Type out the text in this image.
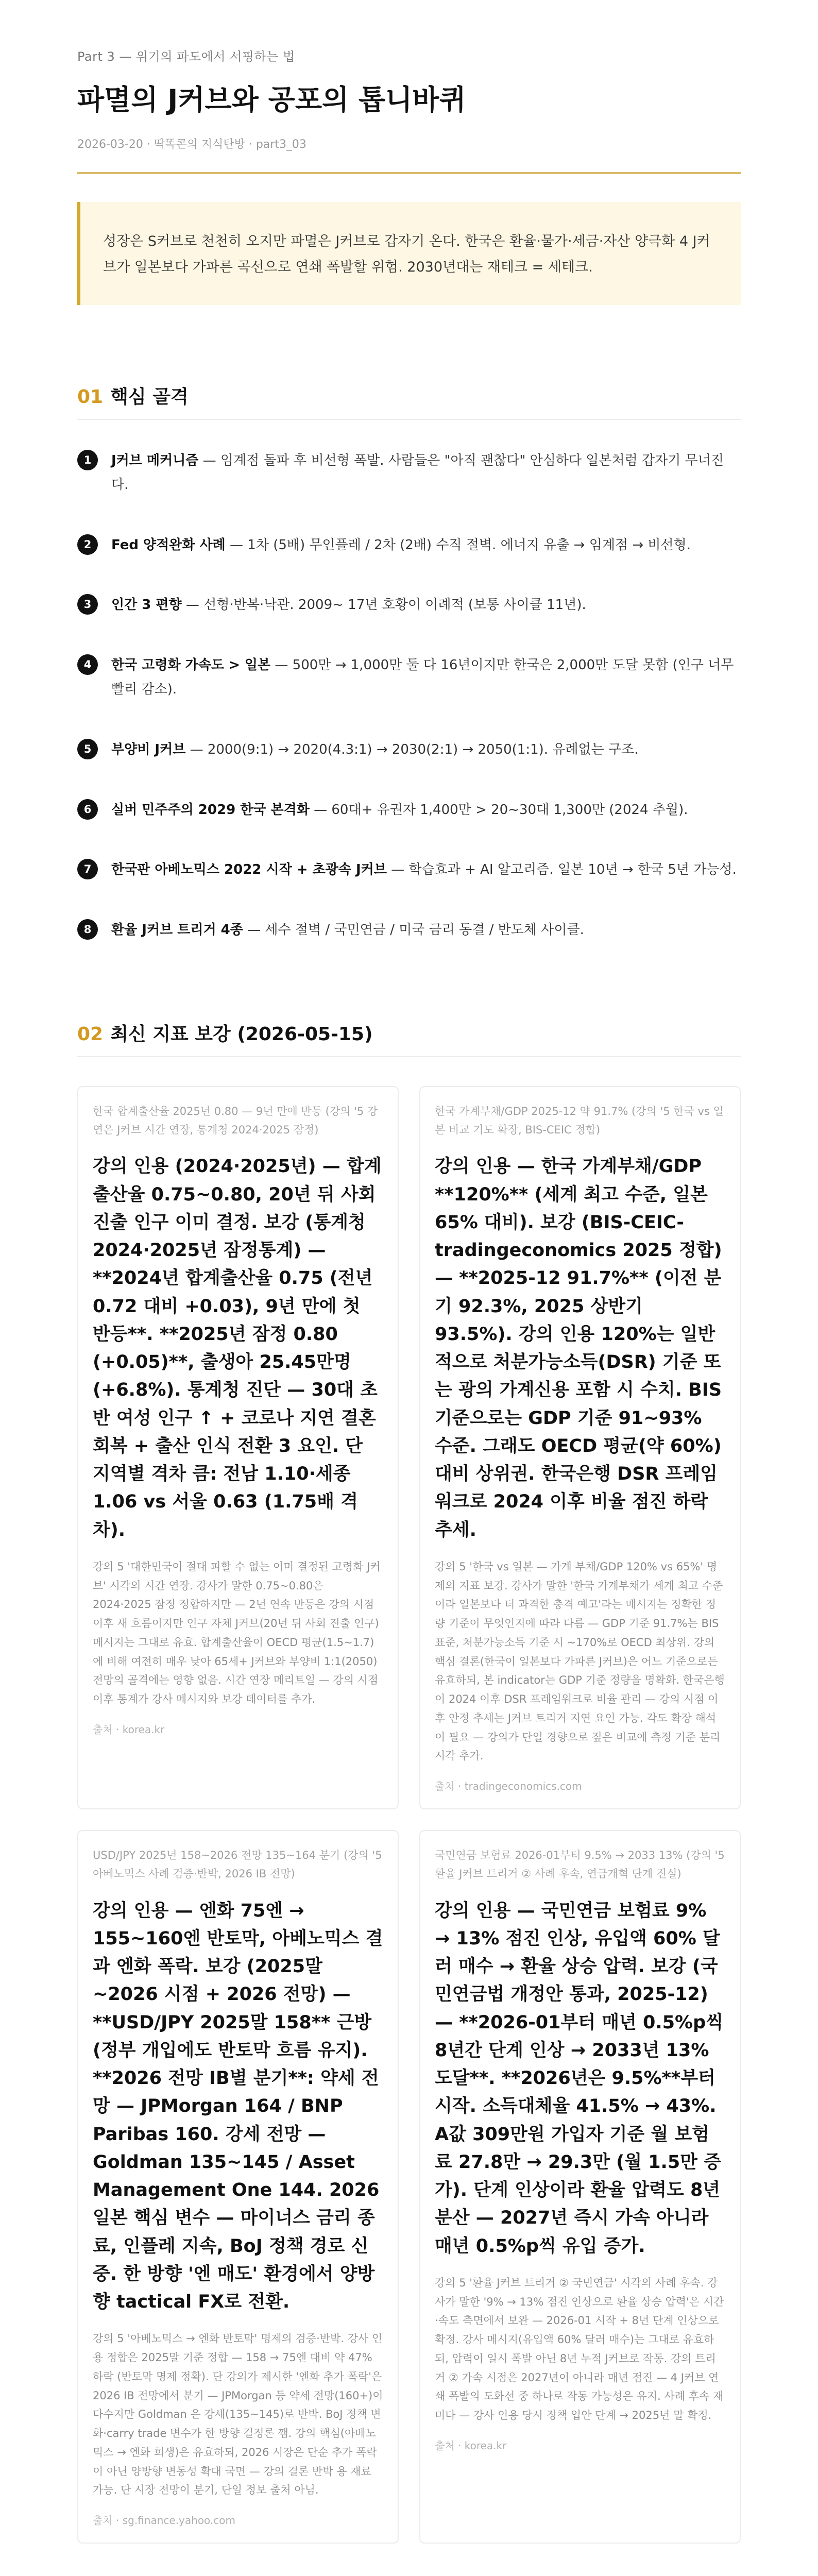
Part 3 — 위기의 파도에서 서핑하는 법
파멸의 J커브와 공포의 톱니바퀴
2026-03-20 · 딱똑콘의 지식탄방 · part3_03

성장은 S커브로 천천히 오지만 파멸은 J커브로 갑자기 온다. 한국은 환율·물가·세금·자산 양극화 4 J커브가 일본보다 가파른 곡선으로 연쇄 폭발할 위험. 2030년대는 재테크 = 세테크.

01 핵심 골격
1	J커브 메커니즘 — 임계점 돌파 후 비선형 폭발. 사람들은 "아직 괜찮다" 안심하다 일본처럼 갑자기 무너진다.

2	Fed 양적완화 사례 — 1차 (5배) 무인플레 / 2차 (2배) 수직 절벽. 에너지 유출 → 임계점 → 비선형.

3	인간 3 편향 — 선형·반복·낙관. 2009~ 17년 호황이 이례적 (보통 사이클 11년).

4	한국 고령화 가속도 > 일본 — 500만 → 1,000만 둘 다 16년이지만 한국은 2,000만 도달 못함 (인구 너무 빨리 감소).

5	부양비 J커브 — 2000(9:1) → 2020(4.3:1) → 2030(2:1) → 2050(1:1). 유례없는 구조.

6	실버 민주주의 2029 한국 본격화 — 60대+ 유권자 1,400만 > 20~30대 1,300만 (2024 추월).

7	한국판 아베노믹스 2022 시작 + 초광속 J커브 — 학습효과 + AI 알고리즘. 일본 10년 → 한국 5년 가능성.

8	환율 J커브 트리거 4종 — 세수 절벽 / 국민연금 / 미국 금리 동결 / 반도체 사이클.

02 최신 지표 보강 (2026-05-15)
한국 합계출산율 2025년 0.80 — 9년 만에 반등 (강의 '5 강연은 J커브 시간 연장, 통계청 2024·2025 잠정)
강의 인용 (2024·2025년) — 합계출산율 0.75~0.80, 20년 뒤 사회 진출 인구 이미 결정. 보강 (통계청 2024·2025년 잠정통계) — **2024년 합계출산율 0.75 (전년 0.72 대비 +0.03), 9년 만에 첫 반등**. **2025년 잠정 0.80 (+0.05)**, 출생아 25.45만명 (+6.8%). 통계청 진단 — 30대 초반 여성 인구 ↑ + 코로나 지연 결혼 회복 + 출산 인식 전환 3 요인. 단 지역별 격차 큼: 전남 1.10·세종 1.06 vs 서울 0.63 (1.75배 격차).
강의 5 '대한민국이 절대 피할 수 없는 이미 결정된 고령화 J커브' 시각의 시간 연장. 강사가 말한 0.75~0.80은 2024·2025 잠정 정합하지만 — 2년 연속 반등은 강의 시점 이후 새 흐름이지만 인구 자체 J커브(20년 뒤 사회 진출 인구) 메시지는 그대로 유효. 합계출산율이 OECD 평균(1.5~1.7)에 비해 여전히 매우 낮아 65세+ J커브와 부양비 1:1(2050) 전망의 골격에는 영향 없음. 시간 연장 메리트일 — 강의 시점 이후 통계가 강사 메시지와 보강 데이터를 추가.
출처 · korea.kr
한국 가계부채/GDP 2025-12 약 91.7% (강의 '5 한국 vs 일본 비교 기도 확장, BIS-CEIC 정합)
강의 인용 — 한국 가계부채/GDP **120%** (세계 최고 수준, 일본 65% 대비). 보강 (BIS-CEIC-tradingeconomics 2025 정합) — **2025-12 91.7%** (이전 분기 92.3%, 2025 상반기 93.5%). 강의 인용 120%는 일반적으로 처분가능소득(DSR) 기준 또는 광의 가계신용 포함 시 수치. BIS 기준으로는 GDP 기준 91~93% 수준. 그래도 OECD 평균(약 60%) 대비 상위권. 한국은행 DSR 프레임워크로 2024 이후 비율 점진 하락 추세.
강의 5 '한국 vs 일본 — 가계 부채/GDP 120% vs 65%' 명제의 지표 보강. 강사가 말한 '한국 가계부채가 세계 최고 수준이라 일본보다 더 과격한 충격 예고'라는 메시지는 정확한 정량 기준이 무엇인지에 따라 다름 — GDP 기준 91.7%는 BIS 표준, 처분가능소득 기준 시 ~170%로 OECD 최상위. 강의 핵심 결론(한국이 일본보다 가파른 J커브)은 어느 기준으로든 유효하되, 본 indicator는 GDP 기준 정량을 명확화. 한국은행이 2024 이후 DSR 프레임워크로 비율 관리 — 강의 시점 이후 안정 추세는 J커브 트리거 지연 요인 가능. 각도 확장 해석이 필요 — 강의가 단일 경향으로 짚은 비교에 측정 기준 분리 시각 추가.
출처 · tradingeconomics.com
USD/JPY 2025년 158~2026 전망 135~164 분기 (강의 '5 아베노믹스 사례 검증·반박, 2026 IB 전망)
강의 인용 — 엔화 75엔 → 155~160엔 반토막, 아베노믹스 결과 엔화 폭락. 보강 (2025말~2026 시점 + 2026 전망) — **USD/JPY 2025말 158** 근방 (정부 개입에도 반토막 흐름 유지). **2026 전망 IB별 분기**: 약세 전망 — JPMorgan 164 / BNP Paribas 160. 강세 전망 — Goldman 135~145 / Asset Management One 144. 2026 일본 핵심 변수 — 마이너스 금리 종료, 인플레 지속, BoJ 정책 경로 신중. 한 방향 '엔 매도' 환경에서 양방향 tactical FX로 전환.
강의 5 '아베노믹스 → 엔화 반토막' 명제의 검증·반박. 강사 인용 정합은 2025말 기준 정합 — 158 → 75엔 대비 약 47% 하락 (반토막 명제 정확). 단 강의가 제시한 '엔화 추가 폭락'은 2026 IB 전망에서 분기 — JPMorgan 등 약세 전망(160+)이 다수지만 Goldman 은 강세(135~145)로 반박. BoJ 정책 변화·carry trade 변수가 한 방향 결정론 깸. 강의 핵심(아베노믹스 → 엔화 희생)은 유효하되, 2026 시장은 단순 추가 폭락이 아닌 양방향 변동성 확대 국면 — 강의 결론 반박 용 재료 가능. 단 시장 전망이 분기, 단일 정보 출처 아님.
출처 · sg.finance.yahoo.com
국민연금 보험료 2026-01부터 9.5% → 2033 13% (강의 '5 환율 J커브 트리거 ② 사례 후속, 연금개혁 단계 진실)
강의 인용 — 국민연금 보험료 9% → 13% 점진 인상, 유입액 60% 달러 매수 → 환율 상승 압력. 보강 (국민연금법 개정안 통과, 2025-12) — **2026-01부터 매년 0.5%p씩 8년간 단계 인상 → 2033년 13% 도달**. **2026년은 9.5%**부터 시작. 소득대체율 41.5% → 43%. A값 309만원 가입자 기준 월 보험료 27.8만 → 29.3만 (월 1.5만 증가). 단계 인상이라 환율 압력도 8년 분산 — 2027년 즉시 가속 아니라 매년 0.5%p씩 유입 증가.
강의 5 '환율 J커브 트리거 ② 국민연금' 시각의 사례 후속. 강사가 말한 '9% → 13% 점진 인상으로 환율 상승 압력'은 시간·속도 측면에서 보완 — 2026-01 시작 + 8년 단계 인상으로 확정. 강사 메시지(유입액 60% 달러 매수)는 그대로 유효하되, 압력이 일시 폭발 아닌 8년 누적 J커브로 작동. 강의 트리거 ② 가속 시점은 2027년이 아니라 매년 점진 — 4 J커브 연쇄 폭발의 도화선 중 하나로 작동 가능성은 유지. 사례 후속 재미다 — 강사 인용 당시 정책 입안 단계 → 2025년 말 확정.
출처 · korea.kr
